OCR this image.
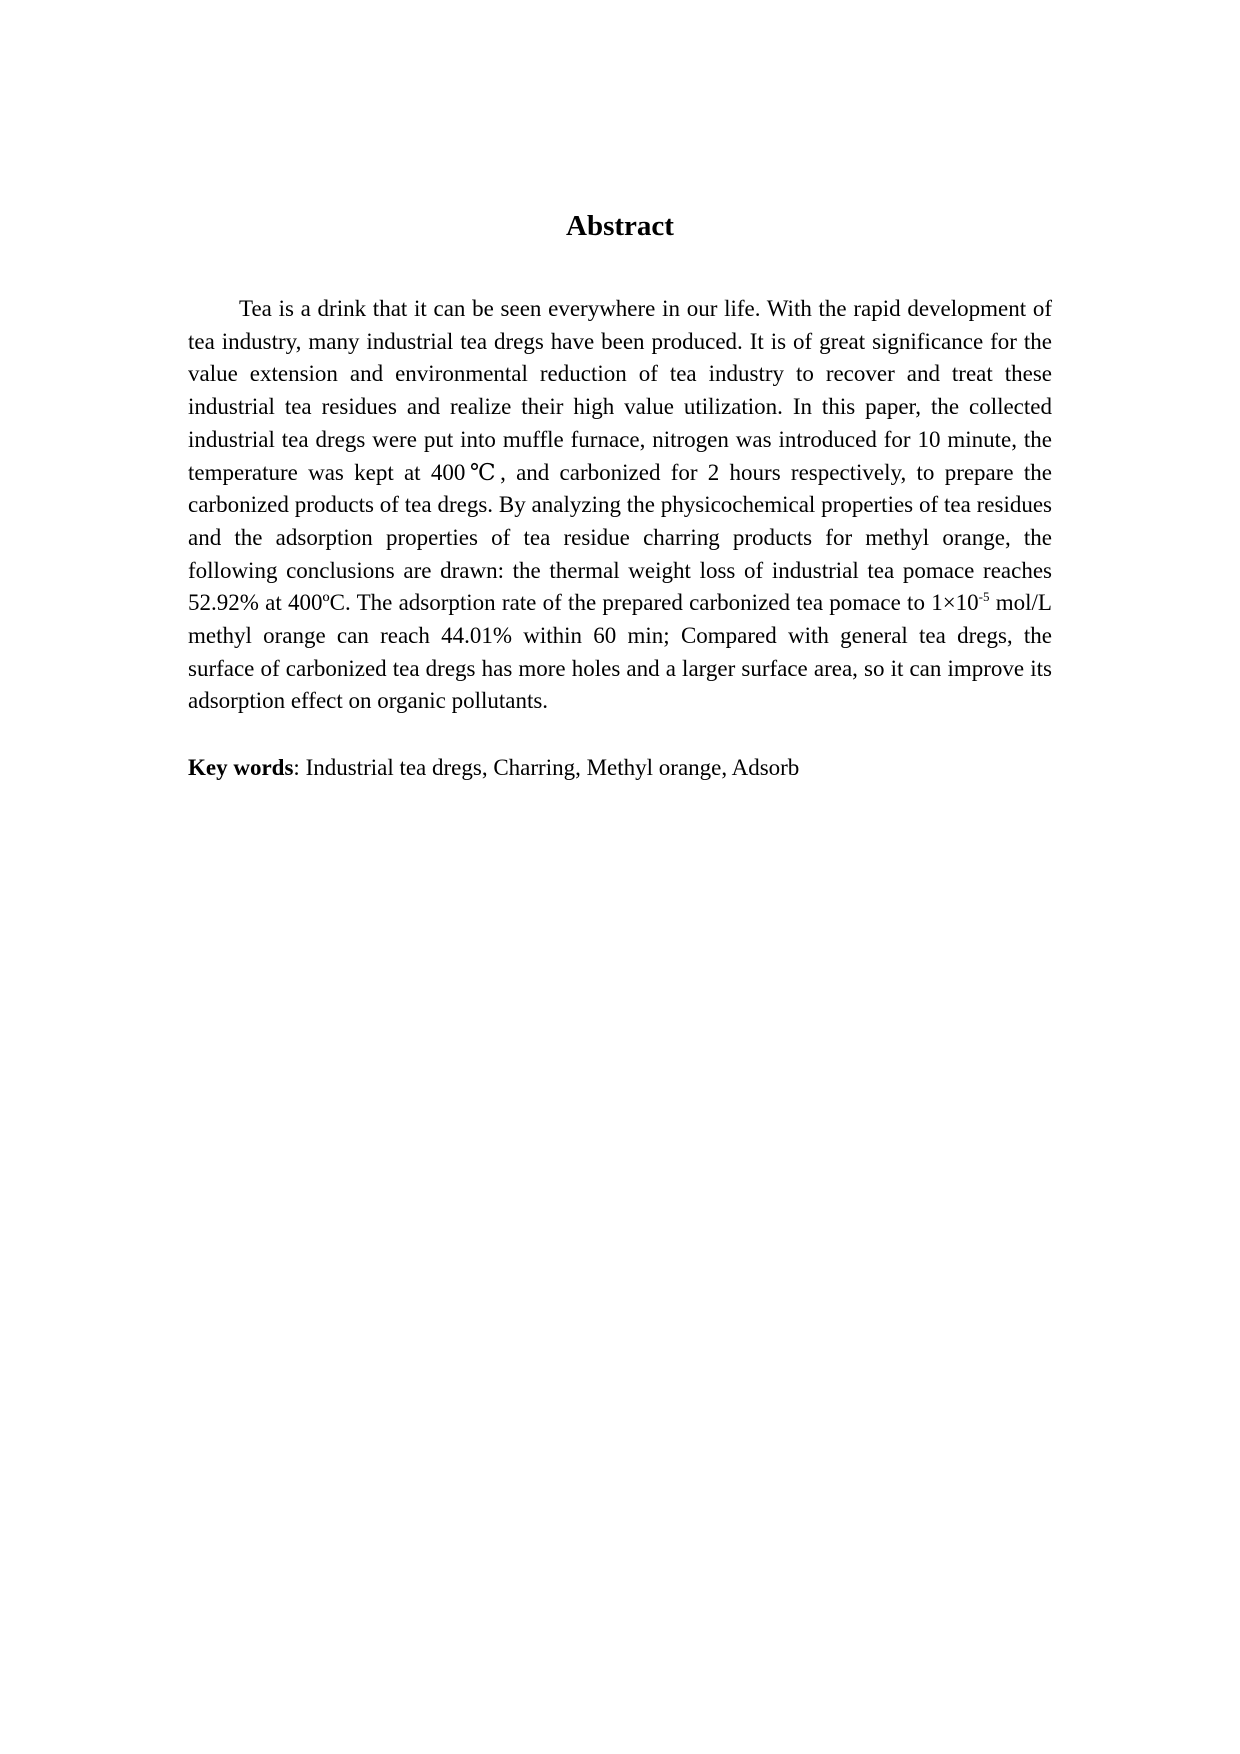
Abstract

Tea is a drink that it can be seen everywhere in our life. With the rapid development of tea industry, many industrial tea dregs have been produced. It is of great significance for the value extension and environmental reduction of tea industry to recover and treat these industrial tea residues and realize their high value utilization. In this paper, the collected industrial tea dregs were put into muffle furnace, nitrogen was introduced for 10 minute, the temperature was kept at 400℃, and carbonized for 2 hours respectively, to prepare the carbonized products of tea dregs. By analyzing the physicochemical properties of tea residues and the adsorption properties of tea residue charring products for methyl orange, the following conclusions are drawn: the thermal weight loss of industrial tea pomace reaches 52.92% at 400ºC. The adsorption rate of the prepared carbonized tea pomace to $1\times 10^{-5}$ mol/L methyl orange can reach 44.01% within 60 min; Compared with general tea dregs, the surface of carbonized tea dregs has more holes and a larger surface area, so it can improve its adsorption effect on organic pollutants.

Key words: Industrial tea dregs, Charring, Methyl orange, Adsorb
